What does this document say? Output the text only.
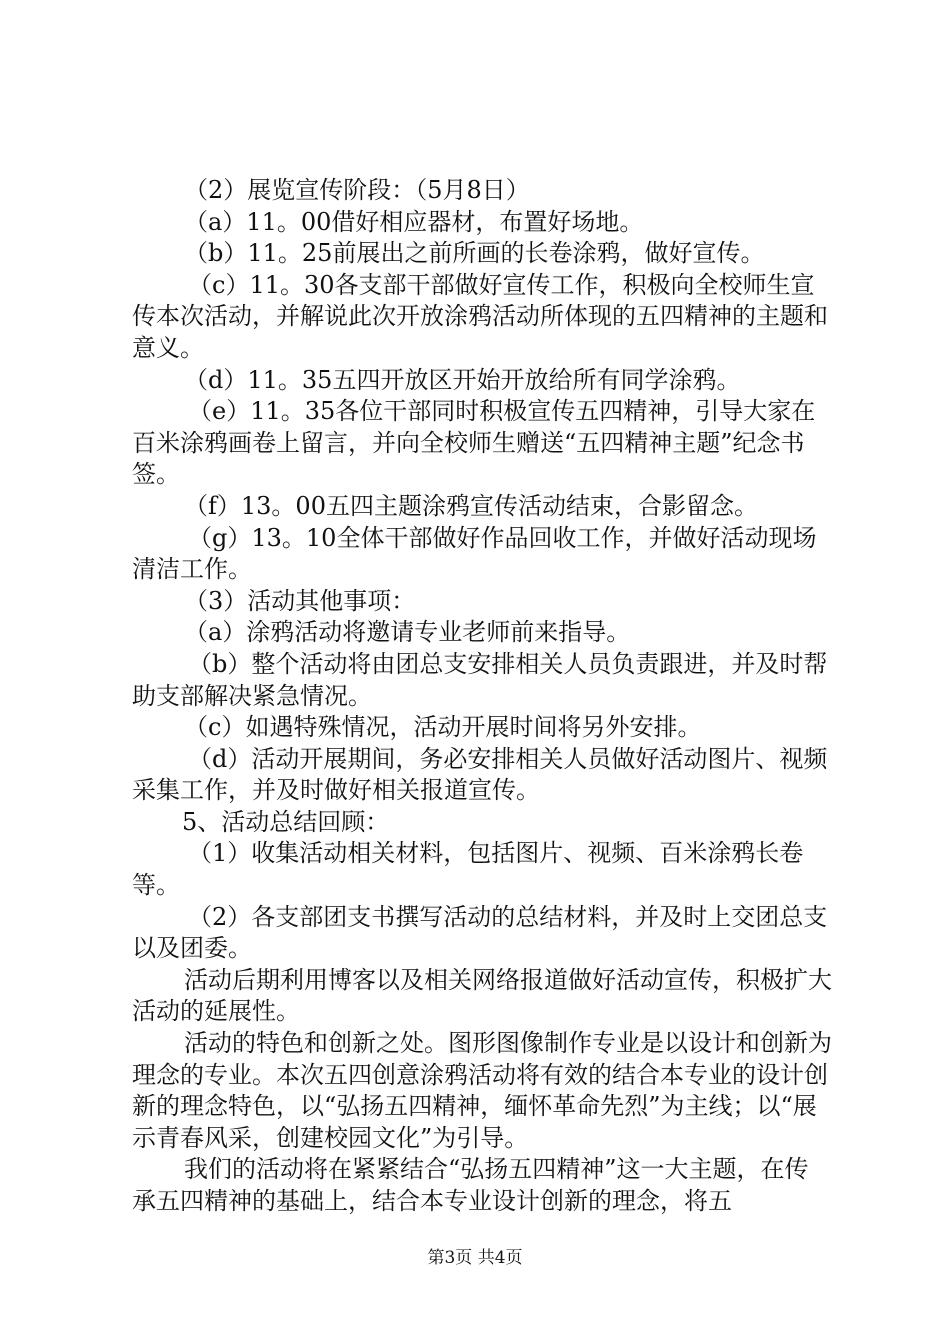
（2）展览宣传阶段：（5月8日）

（a）11。00借好相应器材，布置好场地。

（b）11。25前展出之前所画的长卷涂鸦，做好宣传。

（c）11。30各支部干部做好宣传工作，积极向全校师生宣传本次活动，并解说此次开放涂鸦活动所体现的五四精神的主题和意义。

（d）11。35五四开放区开始开放给所有同学涂鸦。

（e）11。35各位干部同时积极宣传五四精神，引导大家在百米涂鸦画卷上留言，并向全校师生赠送“五四精神主题”纪念书签。

（f）13。00五四主题涂鸦宣传活动结束，合影留念。

（g）13。10全体干部做好作品回收工作，并做好活动现场清洁工作。

（3）活动其他事项：

（a）涂鸦活动将邀请专业老师前来指导。

（b）整个活动将由团总支安排相关人员负责跟进，并及时帮助支部解决紧急情况。

（c）如遇特殊情况，活动开展时间将另外安排。

（d）活动开展期间，务必安排相关人员做好活动图片、视频采集工作，并及时做好相关报道宣传。

5、活动总结回顾：

（1）收集活动相关材料，包括图片、视频、百米涂鸦长卷等。

（2）各支部团支书撰写活动的总结材料，并及时上交团总支以及团委。

活动后期利用博客以及相关网络报道做好活动宣传，积极扩大活动的延展性。

活动的特色和创新之处。图形图像制作专业是以设计和创新为理念的专业。本次五四创意涂鸦活动将有效的结合本专业的设计创新的理念特色，以“弘扬五四精神，缅怀革命先烈”为主线；以“展示青春风采，创建校园文化”为引导。

我们的活动将在紧紧结合“弘扬五四精神”这一大主题，在传承五四精神的基础上，结合本专业设计创新的理念，将五

第3页 共4页
